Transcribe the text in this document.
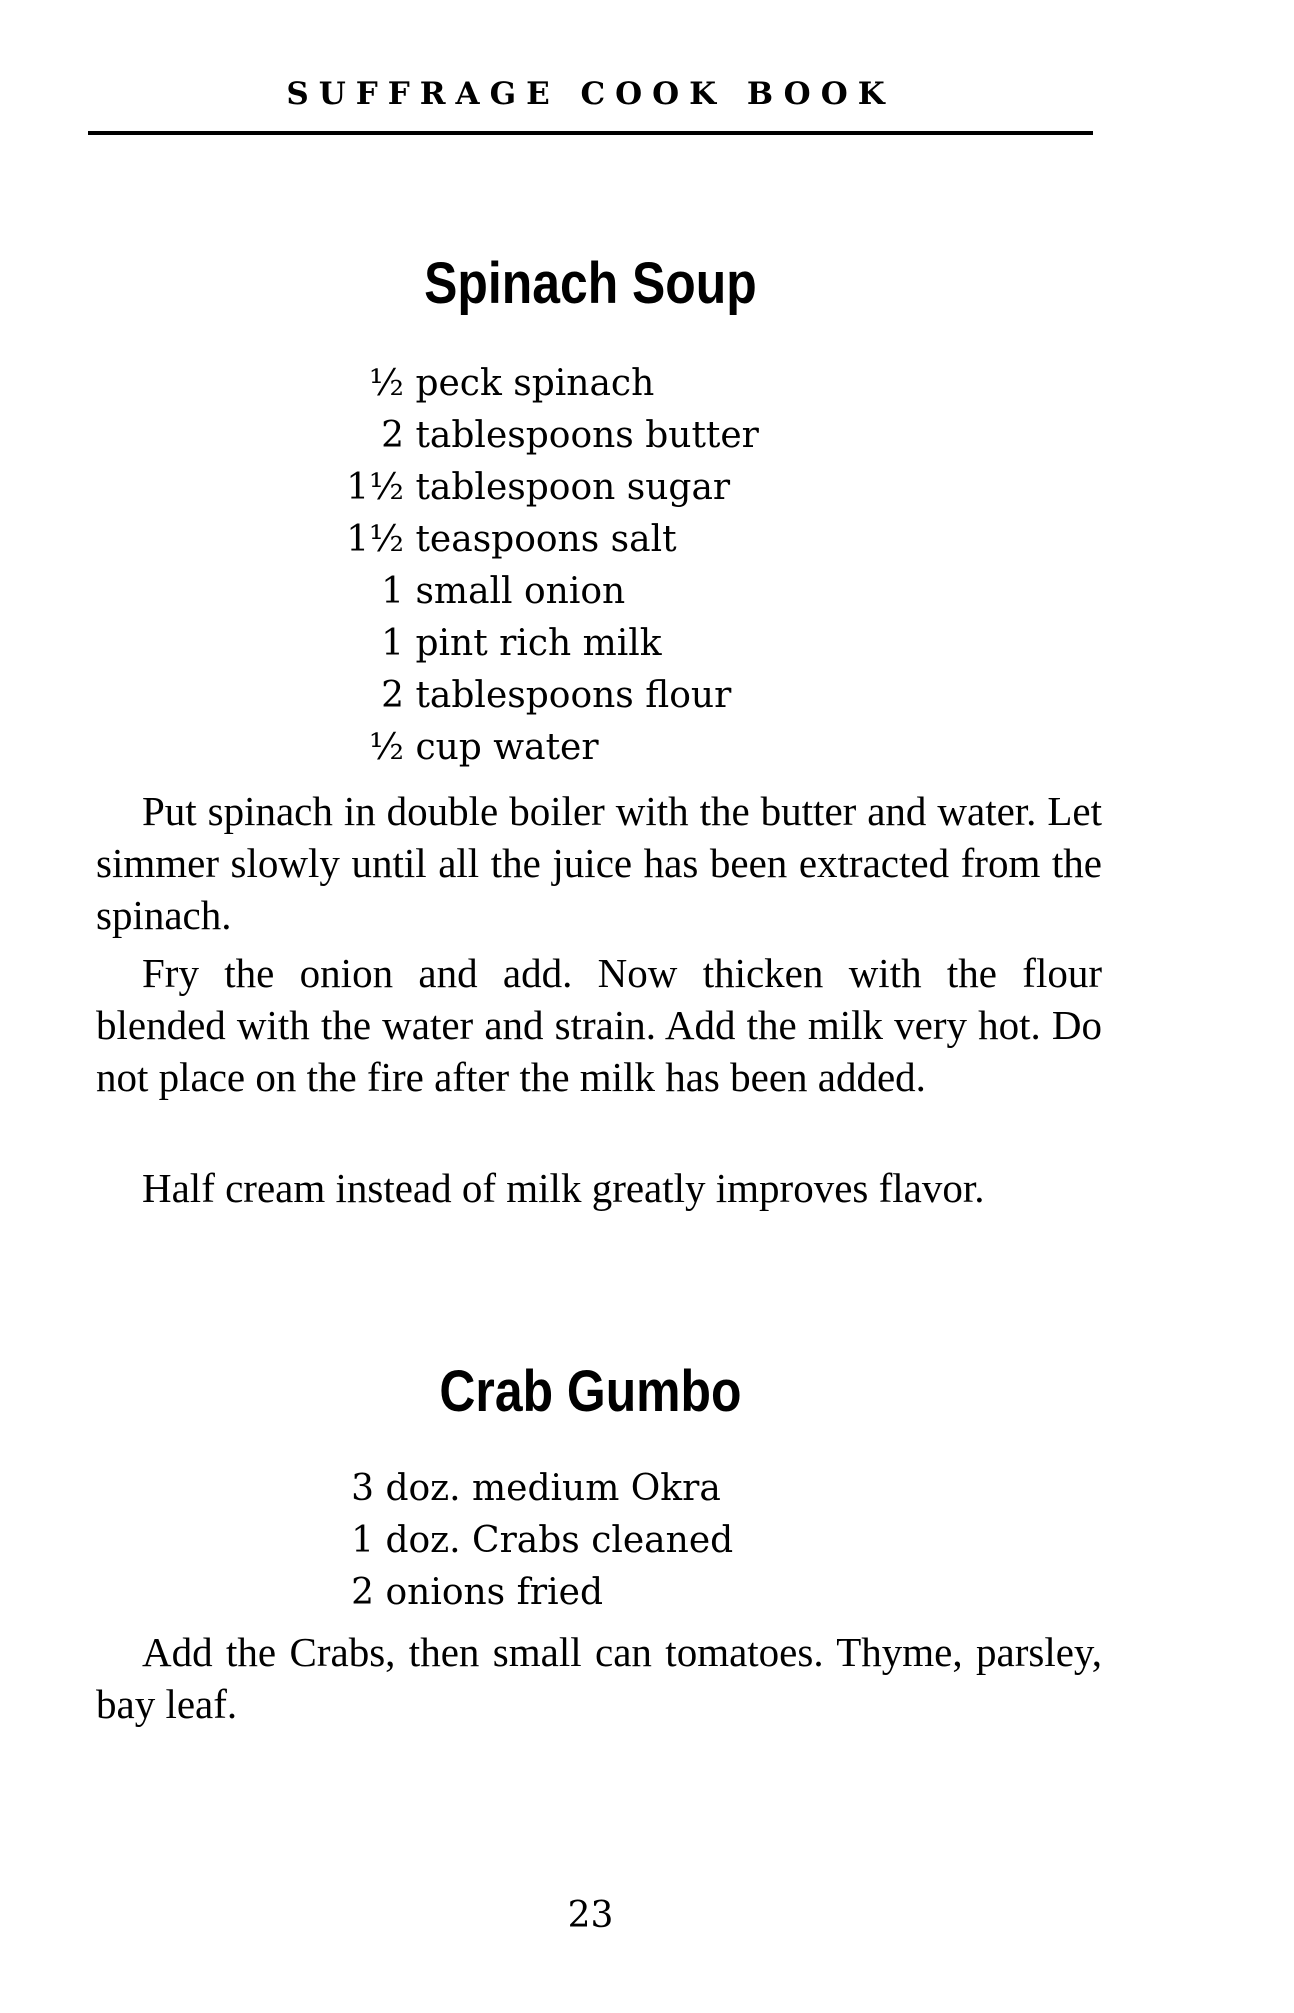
SUFFRAGE COOK BOOK
Spinach Soup
½ peck spinach
2 tablespoons butter
1½ tablespoon sugar
1½ teaspoons salt
1 small onion
1 pint rich milk
2 tablespoons flour
½ cup water
Put spinach in double boiler with the butter and water. Let simmer slowly until all the juice has been extracted from the spinach.
Fry the onion and add. Now thicken with the flour blended with the water and strain. Add the milk very hot. Do not place on the fire after the milk has been added.
Half cream instead of milk greatly improves flavor.
Crab Gumbo
3 doz. medium Okra
1 doz. Crabs cleaned
2 onions fried
Add the Crabs, then small can tomatoes. Thyme, parsley, bay leaf.
23
